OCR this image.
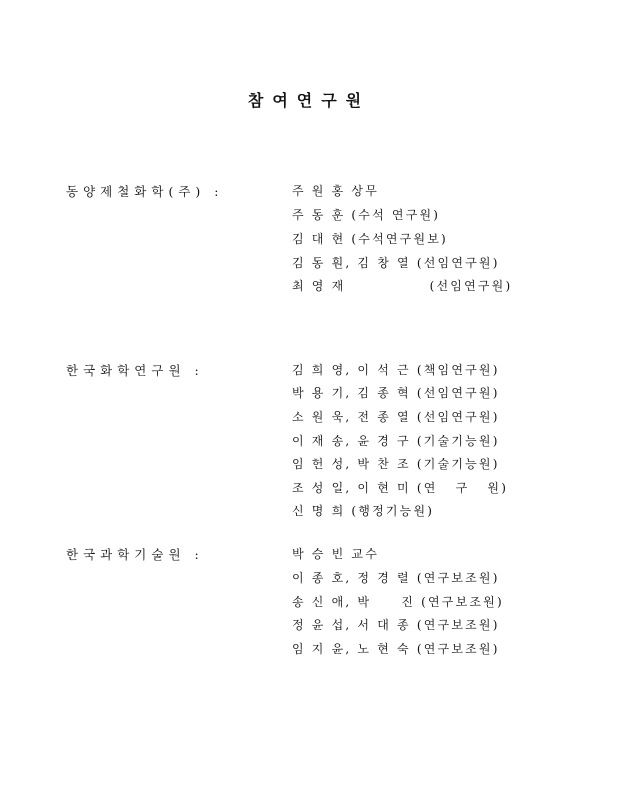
참여연구원
동양제철화학(주) :	주 원 홍 상무
주 동 훈 (수석 연구원)
김 대 현 (수석연구원보)
김 동 훤, 김 창 열 (선임연구원)
최 영 재              (선임연구원)
한국화학연구원 :	김 희 영, 이 석 근 (책임연구원)
박 용 기, 김 종 혁 (선임연구원)
소 원 욱, 전 종 열 (선임연구원)
이 재 송, 윤 경 구 (기술기능원)
임 헌 성, 박 찬 조 (기술기능원)
조 성 일, 이 현 미 (연   구   원)
신 명 희 (행정기능원)
한국과학기술원 :	박 승 빈 교수
이 종 호, 정 경 렬 (연구보조원)
송 신 애, 박     진 (연구보조원)
정 윤 섭, 서 대 종 (연구보조원)
임 지 윤, 노 현 숙 (연구보조원)
